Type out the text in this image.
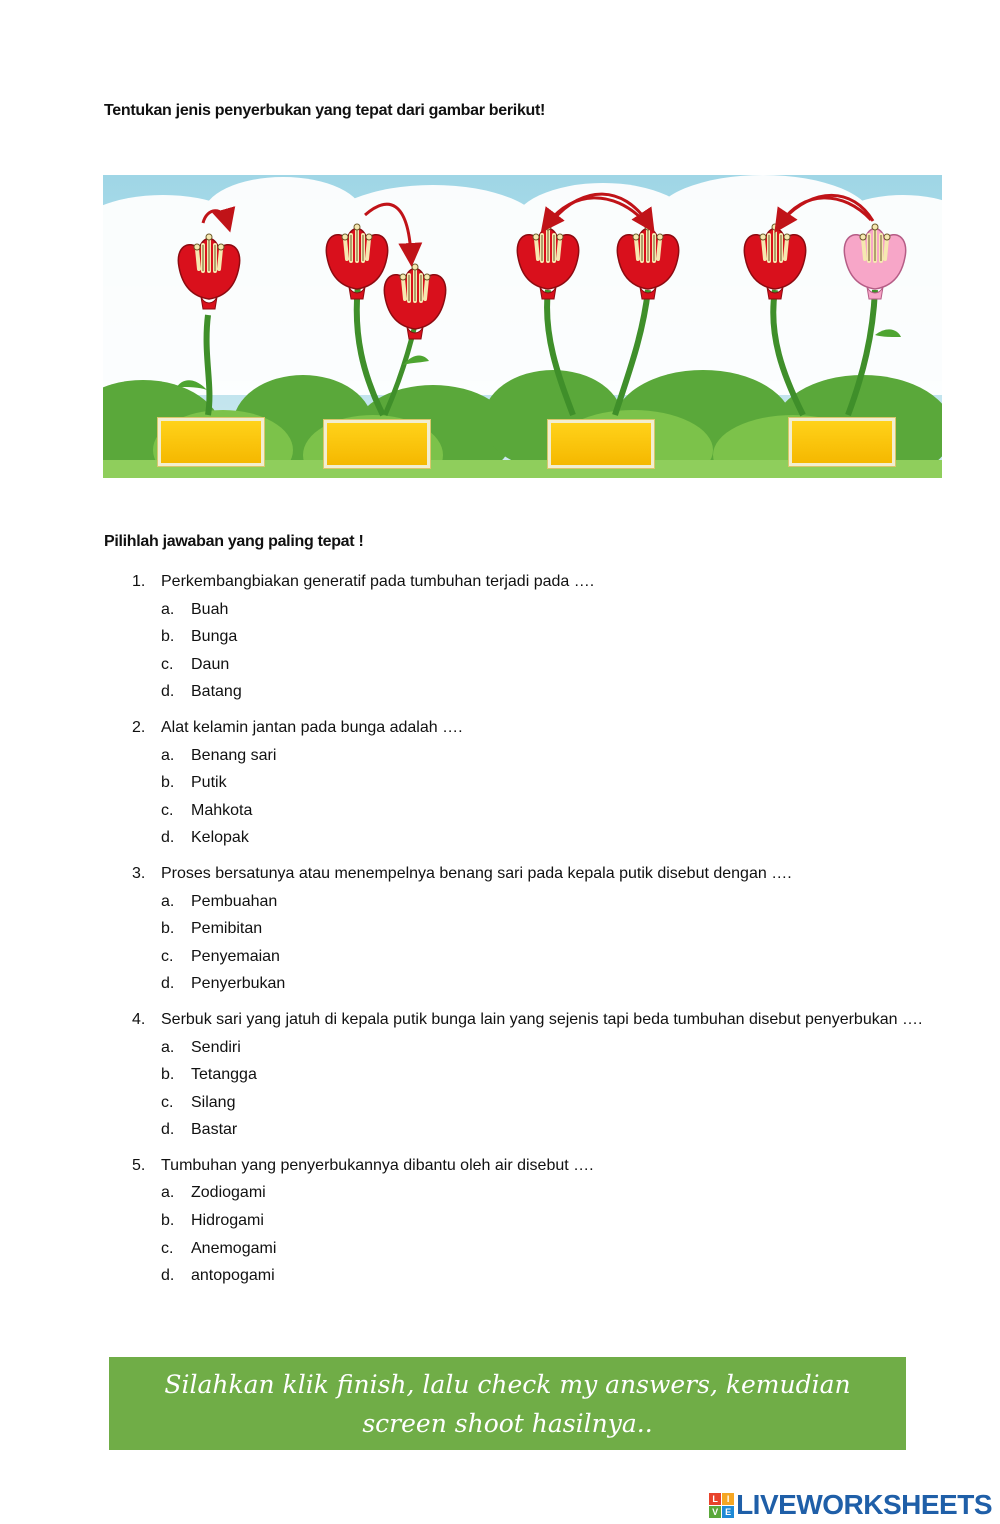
Tentukan jenis penyerbukan yang tepat dari gambar berikut!
Pilihlah jawaban yang paling tepat !
1. Perkembangbiakan generatif pada tumbuhan terjadi pada ….
a. Buah
b. Bunga
c. Daun
d. Batang
2. Alat kelamin jantan pada bunga adalah ….
a. Benang sari
b. Putik
c. Mahkota
d. Kelopak
3. Proses bersatunya atau menempelnya benang sari pada kepala putik disebut dengan ….
a. Pembuahan
b. Pemibitan
c. Penyemaian
d. Penyerbukan
4. Serbuk sari yang jatuh di kepala putik bunga lain yang sejenis tapi beda tumbuhan disebut penyerbukan ….
a. Sendiri
b. Tetangga
c. Silang
d. Bastar
5. Tumbuhan yang penyerbukannya dibantu oleh air disebut ….
a. Zodiogami
b. Hidrogami
c. Anemogami
d. antopogami
Silahkan klik finish, lalu check my answers, kemudian
screen shoot hasilnya..
L I
V E LIVEWORKSHEETS
